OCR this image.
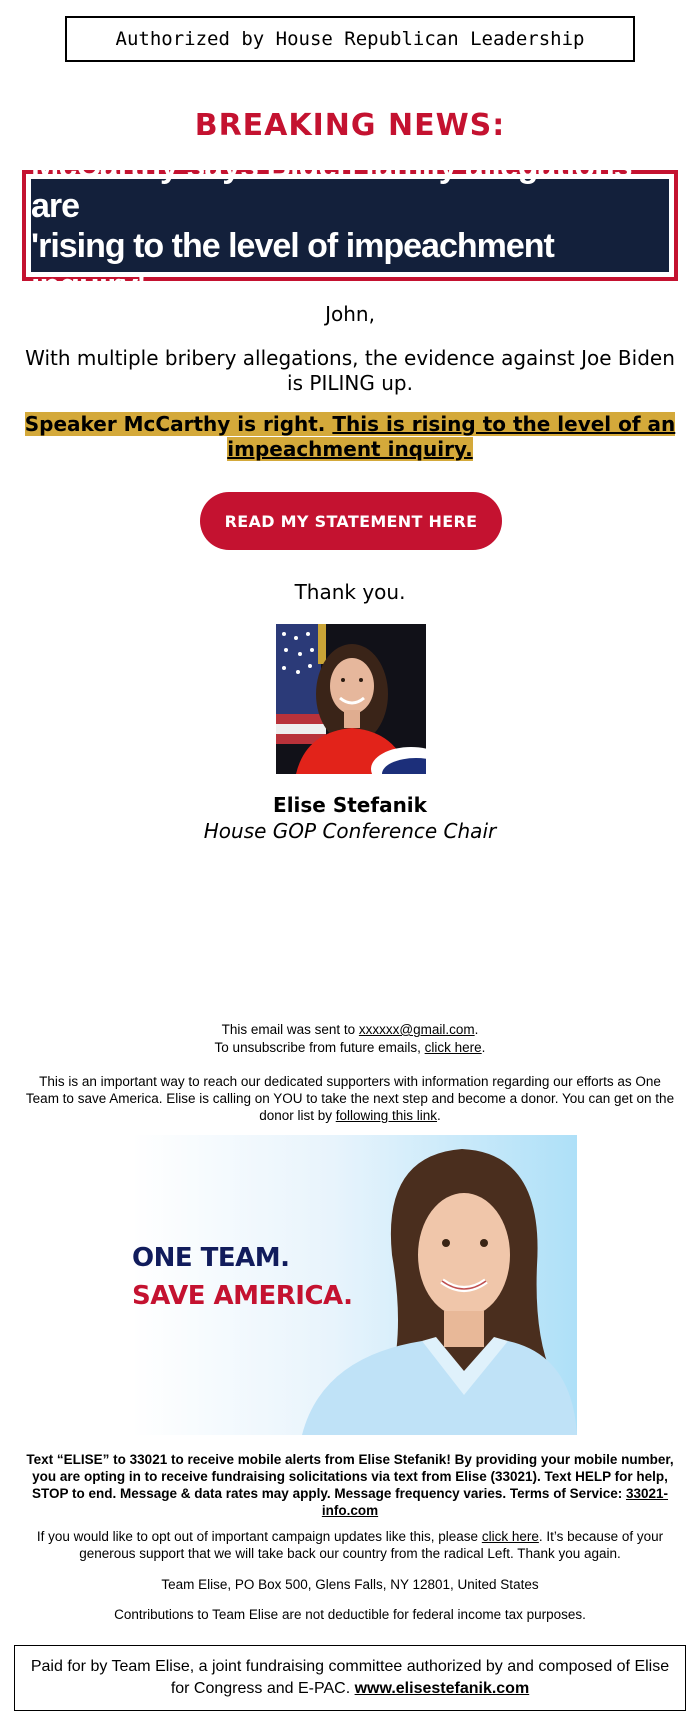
Authorized by House Republican Leadership
BREAKING NEWS:
McCarthy says Biden family allegations are
'rising to the level of impeachment inquiry'
John,
With multiple bribery allegations, the evidence against Joe Biden is PILING up.
Speaker McCarthy is right. This is rising to the level of an impeachment inquiry.
READ MY STATEMENT HERE
Thank you.
Elise Stefanik
House GOP Conference Chair
This email was sent to xxxxxx@gmail.com.
To unsubscribe from future emails, click here.
This is an important way to reach our dedicated supporters with information regarding our efforts as One Team to save America. Elise is calling on YOU to take the next step and become a donor. You can get on the donor list by following this link.
ONE TEAM.
SAVE AMERICA.
Text “ELISE” to 33021 to receive mobile alerts from Elise Stefanik! By providing your mobile number, you are opting in to receive fundraising solicitations via text from Elise (33021). Text HELP for help, STOP to end. Message & data rates may apply. Message frequency varies. Terms of Service: 33021-info.com
If you would like to opt out of important campaign updates like this, please click here. It’s because of your generous support that we will take back our country from the radical Left. Thank you again.
Team Elise, PO Box 500, Glens Falls, NY 12801, United States
Contributions to Team Elise are not deductible for federal income tax purposes.
Paid for by Team Elise, a joint fundraising committee authorized by and composed of Elise for Congress and E-PAC. www.elisestefanik.com
